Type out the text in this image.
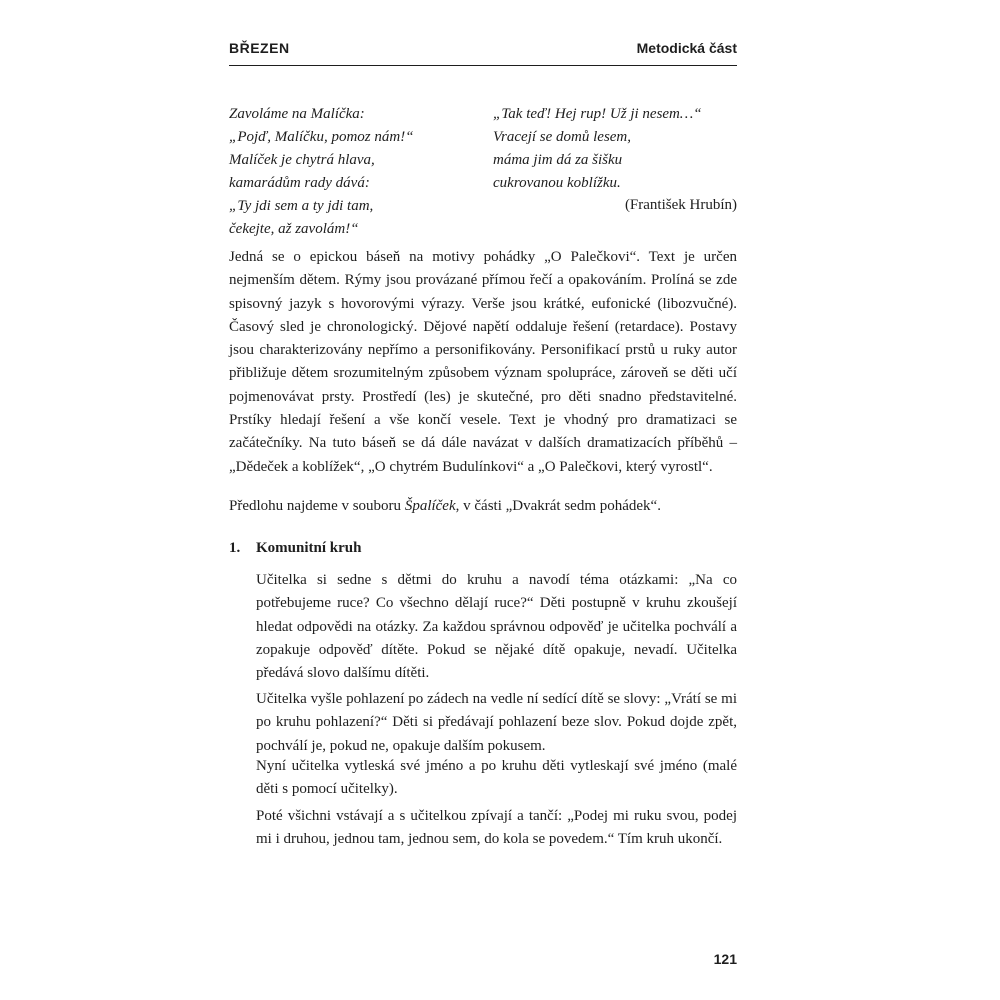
BŘEZEN	Metodická část
Zavoláme na Malíčka:
„Pojď, Malíčku, pomoz nám!“
Malíček je chytrá hlava,
kamarádům rady dává:
„Ty jdi sem a ty jdi tam,
čekejte, až zavolám!“
„Tak teď! Hej rup! Už ji nesem…“
Vracejí se domů lesem,
máma jim dá za šišku
cukrovanou koblížku.
(František Hrubín)
Jedná se o epickou báseň na motivy pohádky „O Palečkovi“. Text je určen nejmenším dětem. Rýmy jsou provázané přímou řečí a opakováním. Prolíná se zde spisovný jazyk s hovorovými výrazy. Verše jsou krátké, eufonické (libozvučné). Časový sled je chronologický. Dějové napětí oddaluje řešení (retardace). Postavy jsou charakterizovány nepřímo a personifikovány. Personifikací prstů u ruky autor přibližuje dětem srozumitelným způsobem význam spolupráce, zároveň se děti učí pojmenovávat prsty. Prostředí (les) je skutečné, pro děti snadno představitelné. Prstíky hledají řešení a vše končí vesele. Text je vhodný pro dramatizaci se začátečníky. Na tuto báseň se dá dále navázat v dalších dramatizacích příběhů – „Dědeček a koblížek“, „O chytrém Budulínkovi“ a „O Palečkovi, který vyrostl“.
Předlohu najdeme v souboru Špalíček, v části „Dvakrát sedm pohádek“.
1. Komunitní kruh
Učitelka si sedne s dětmi do kruhu a navodí téma otázkami: „Na co potřebujeme ruce? Co všechno dělají ruce?“ Děti postupně v kruhu zkoušejí hledat odpovědi na otázky. Za každou správnou odpověď je učitelka pochválí a zopakuje odpověď dítěte. Pokud se nějaké dítě opakuje, nevadí. Učitelka předává slovo dalšímu dítěti.
Učitelka vyšle pohlazení po zádech na vedle ní sedící dítě se slovy: „Vrátí se mi po kruhu pohlazení?“ Děti si předávají pohlazení beze slov. Pokud dojde zpět, pochválí je, pokud ne, opakuje dalším pokusem.
Nyní učitelka vytleská své jméno a po kruhu děti vytleskají své jméno (malé děti s pomocí učitelky).
Poté všichni vstávají a s učitelkou zpívají a tančí: „Podej mi ruku svou, podej mi i druhou, jednou tam, jednou sem, do kola se povedem.“ Tím kruh ukončí.
121
